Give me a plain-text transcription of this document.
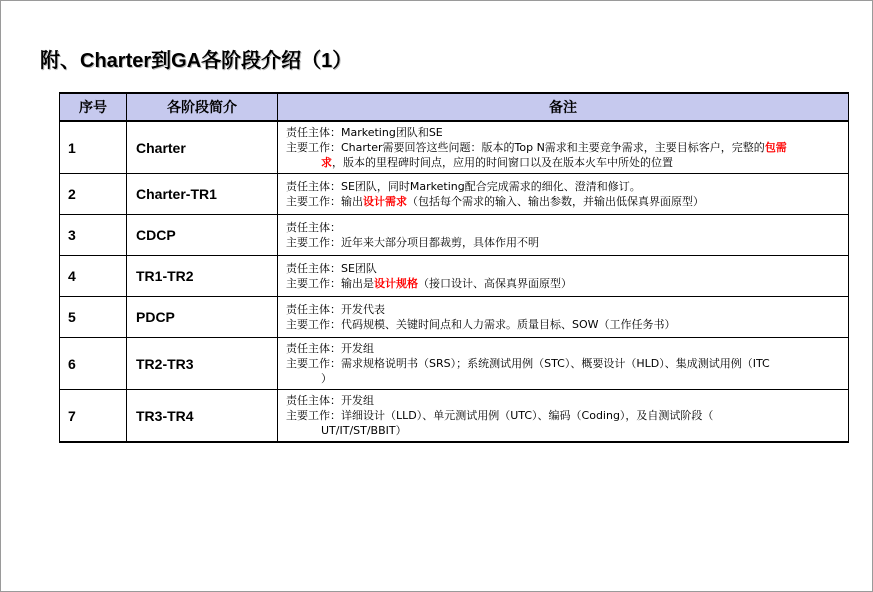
附、Charter到GA各阶段介绍（1）
序号	各阶段简介	备注
1	Charter	责任主体：Marketing团队和SE
主要工作：Charter需要回答这些问题：版本的Top N需求和主要竞争需求，主要目标客户，完整的包需
求，版本的里程碑时间点，应用的时间窗口以及在版本火车中所处的位置

2	Charter-TR1	责任主体：SE团队，同时Marketing配合完成需求的细化、澄清和修订。
主要工作：输出设计需求（包括每个需求的输入、输出参数，并输出低保真界面原型）

3	CDCP	责任主体：
主要工作：近年来大部分项目都裁剪，具体作用不明

4	TR1-TR2	责任主体：SE团队
主要工作：输出是设计规格（接口设计、高保真界面原型）

5	PDCP	责任主体：开发代表
主要工作：代码规模、关键时间点和人力需求。质量目标、SOW（工作任务书）

6	TR2-TR3	责任主体：开发组
主要工作：需求规格说明书（SRS）；系统测试用例（STC）、概要设计（HLD）、集成测试用例（ITC
）

7	TR3-TR4	责任主体：开发组
主要工作：详细设计（LLD）、单元测试用例（UTC）、编码（Coding），及自测试阶段（
UT/IT/ST/BBIT）
